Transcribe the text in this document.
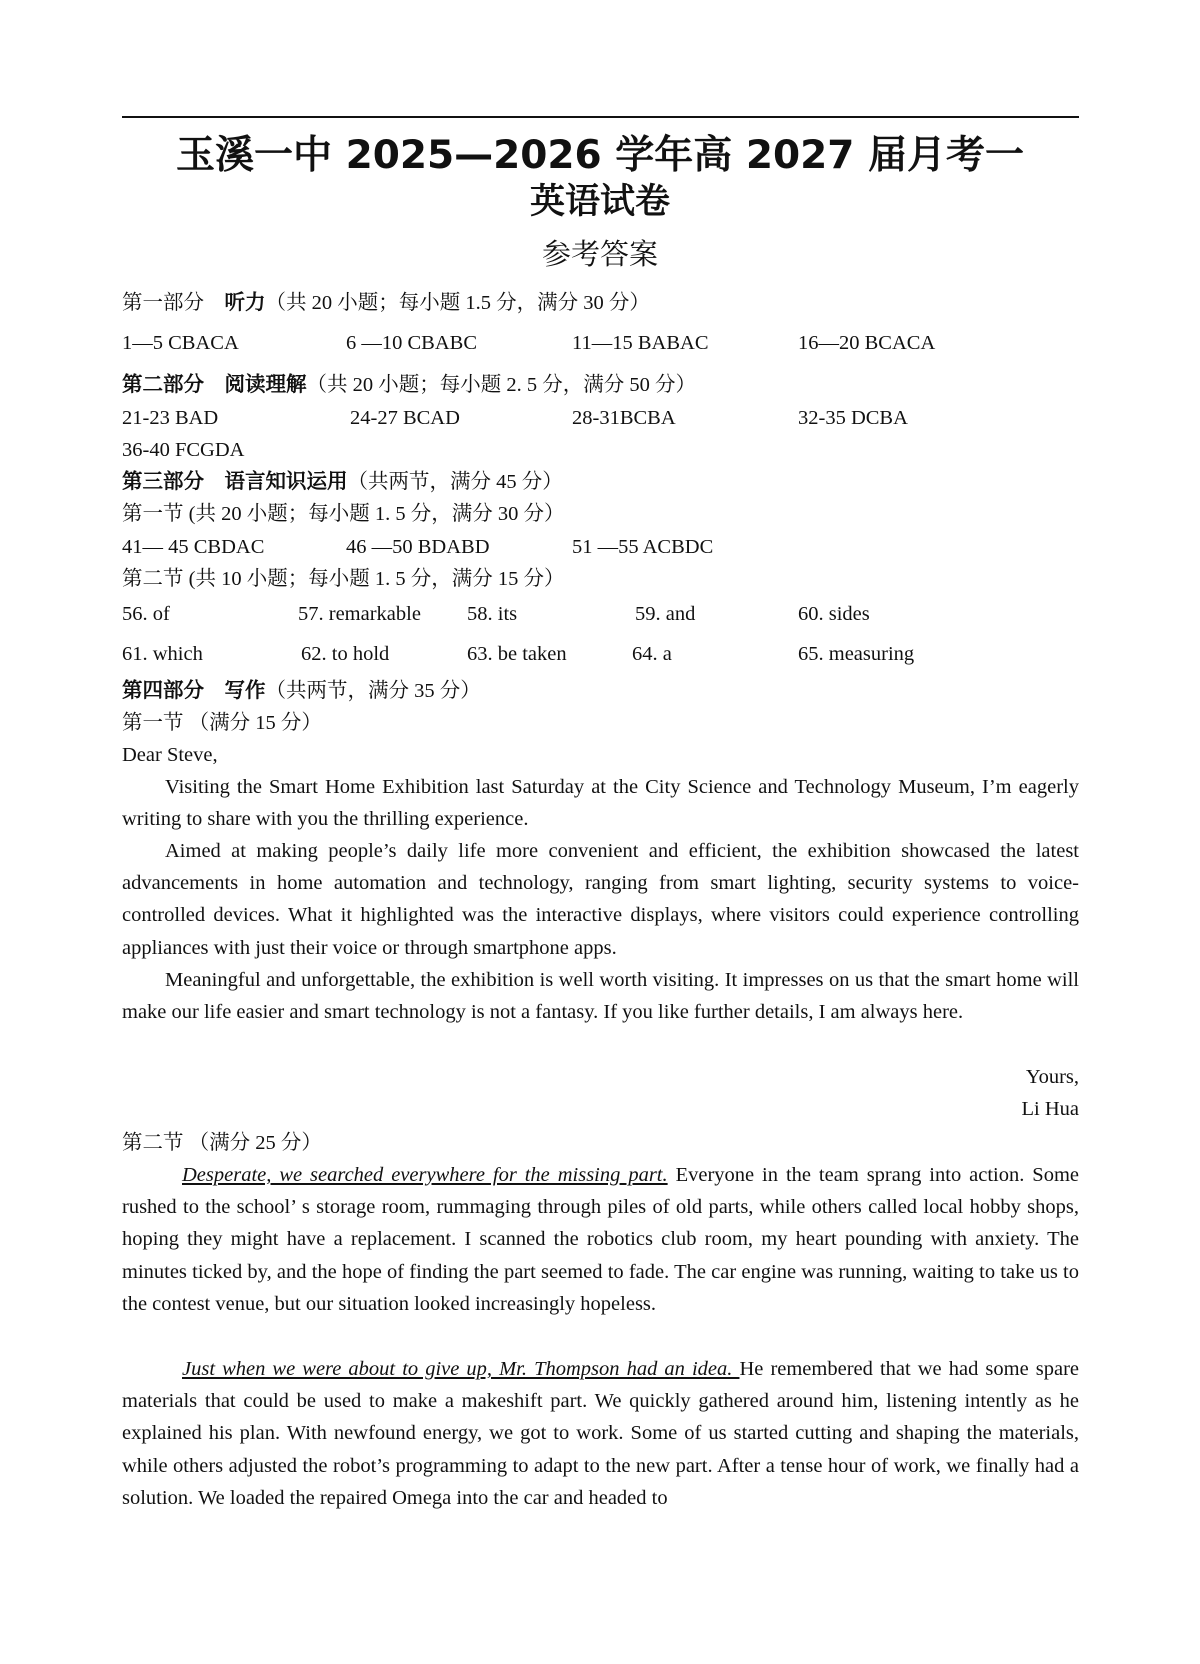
玉溪一中 2025—2026 学年高 2027 届月考一
英语试卷
参考答案
第一部分 听力（共 20 小题；每小题 1.5 分，满分 30 分）
1—5 CBACA	6 —10 CBABC	11—15 BABAC	16—20 BCACA
第二部分 阅读理解（共 20 小题；每小题 2. 5 分，满分 50 分）
21-23 BAD	24-27 BCAD	28-31BCBA	32-35 DCBA
36-40 FCGDA
第三部分 语言知识运用（共两节，满分 45 分）
第一节 (共 20 小题；每小题 1. 5 分，满分 30 分）
41— 45 CBDAC	46 —50 BDABD	51 —55 ACBDC
第二节 (共 10 小题；每小题 1. 5 分，满分 15 分）
56. of	57. remarkable 58. its	59. and	60. sides
61. which	62. to hold	63. be taken	64. a	65. measuring
第四部分 写作（共两节，满分 35 分）
第一节 （满分 15 分）
Dear Steve,
Visiting the Smart Home Exhibition last Saturday at the City Science and Technology Museum, I’m eagerly writing to share with you the thrilling experience.
Aimed at making people’s daily life more convenient and efficient, the exhibition showcased the latest advancements in home automation and technology, ranging from smart lighting, security systems to voice-controlled devices. What it highlighted was the interactive displays, where visitors could experience controlling appliances with just their voice or through smartphone apps.
Meaningful and unforgettable, the exhibition is well worth visiting. It impresses on us that the smart home will make our life easier and smart technology is not a fantasy. If you like further details, I am always here.
Yours,
Li Hua
第二节 （满分 25 分）
Desperate, we searched everywhere for the missing part. Everyone in the team sprang into action. Some rushed to the school’ s storage room, rummaging through piles of old parts, while others called local hobby shops, hoping they might have a replacement. I scanned the robotics club room, my heart pounding with anxiety. The minutes ticked by, and the hope of finding the part seemed to fade. The car engine was running, waiting to take us to the contest venue, but our situation looked increasingly hopeless.
Just when we were about to give up, Mr. Thompson had an idea. He remembered that we had some spare materials that could be used to make a makeshift part. We quickly gathered around him, listening intently as he explained his plan. With newfound energy, we got to work. Some of us started cutting and shaping the materials, while others adjusted the robot’s programming to adapt to the new part. After a tense hour of work, we finally had a solution. We loaded the repaired Omega into the car and headed to
